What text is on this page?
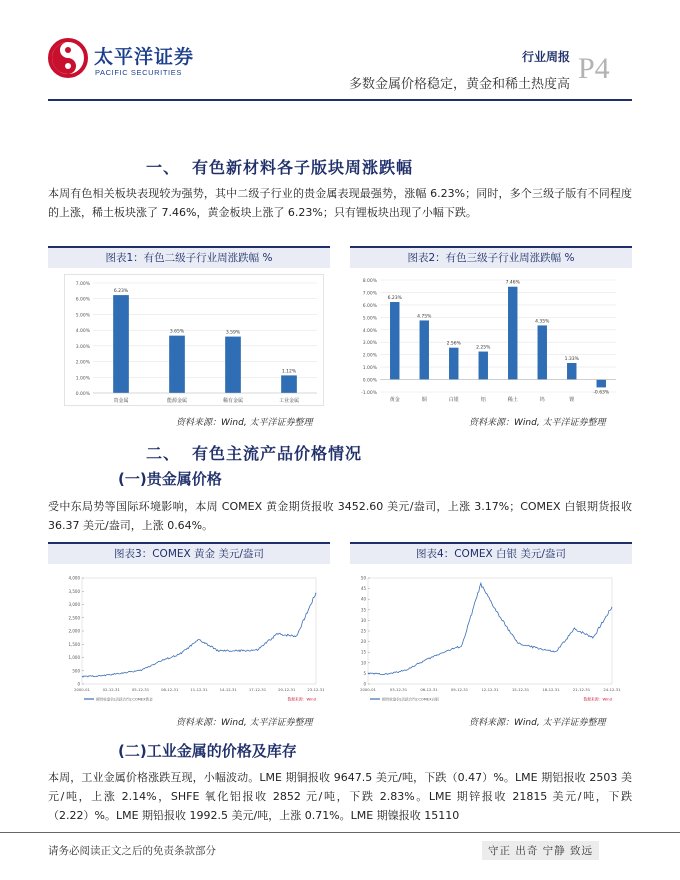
太平洋证券
PACIFIC SECURITIES
行业周报
多数金属价格稳定，黄金和稀土热度高 P4
一、 有色新材料各子版块周涨跌幅
本周有色相关板块表现较为强势，其中二级子行业的贵金属表现最强势，涨幅 6.23%；同时，多个三级子版有不同程度的上涨，稀土板块涨了 7.46%，黄金板块上涨了 6.23%；只有锂板块出现了小幅下跌。
图表1：有色二级子行业周涨跌幅 %	图表2：有色三级子行业周涨跌幅 %
0.00%
1.00%
2.00%
3.00%
4.00%
5.00%
6.00%
7.00%
6.23%
贵金属
3.65%
能源金属
3.59%
稀有金属
1.12%
工业金属
-1.00%
0.00%
1.00%
2.00%
3.00%
4.00%
5.00%
6.00%
7.00%
8.00%
6.23%
黄金
4.75%
铜
2.56%
白银
2.25%
铝
7.46%
稀土
4.35%
钨
1.33%
锂
-0.63%
资料来源：Wind, 太平洋证券整理	资料来源：Wind, 太平洋证券整理
二、 有色主流产品价格情况
(一)贵金属价格
受中东局势等国际环境影响，本周 COMEX 黄金期货报收 3452.60 美元/盎司，上涨 3.17%；COMEX 白银期货报收 36.37 美元/盎司，上涨 0.64%。
图表3：COMEX 黄金 美元/盎司	图表4：COMEX 白银 美元/盎司
0
500
1,000
1,500
2,000
2,500
3,000
3,500
4,000
2000-01	02-12-31	05-12-31	08-12-31	11-12-31	14-12-31	17-12-31	20-12-31	23-12-31
期货收盘价(活跃合约):COMEX黄金	数据来源：Wind
0
5
10
15
20
25
30
35
40
45
50
2000-01	03-12-31	06-12-31	09-12-31	12-12-31	15-12-31	18-12-31	21-12-31	24-12-31
期货收盘价(活跃合约):COMEX白银	数据来源：Wind
资料来源：Wind, 太平洋证券整理	资料来源：Wind, 太平洋证券整理
(二)工业金属的价格及库存
本周，工业金属价格涨跌互现，小幅波动。LME 期铜报收 9647.5 美元/吨，下跌（0.47）%。LME 期铝报收 2503 美元/吨，上涨 2.14%，SHFE 氧化铝报收 2852 元/吨，下跌 2.83%。LME 期锌报收 21815 美元/吨，下跌（2.22）%。LME 期铅报收 1992.5 美元/吨，上涨 0.71%。LME 期镍报收 15110
请务必阅读正文之后的免责条款部分	守正 出奇 宁静 致远
